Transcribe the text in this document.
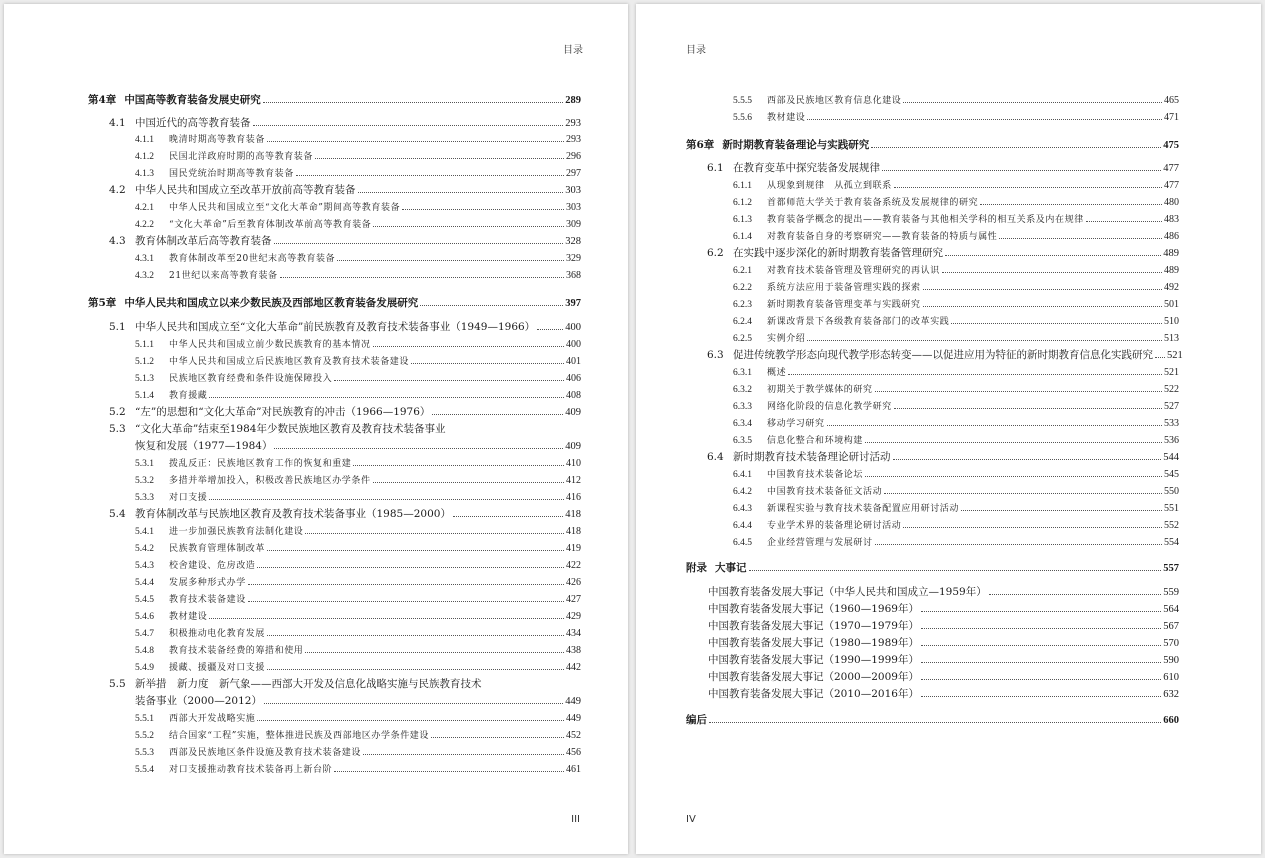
目录
第4章 中国高等教育装备发展史研究	289
4.1 中国近代的高等教育装备	293
4.1.1	晚清时期高等教育装备	293
4.1.2	民国北洋政府时期的高等教育装备	296
4.1.3	国民党统治时期高等教育装备	297
4.2 中华人民共和国成立至改革开放前高等教育装备	303
4.2.1	中华人民共和国成立至“文化大革命”期间高等教育装备	303
4.2.2	“文化大革命”后至教育体制改革前高等教育装备	309
4.3 教育体制改革后高等教育装备	328
4.3.1	教育体制改革至20世纪末高等教育装备	329
4.3.2	21世纪以来高等教育装备	368
第5章 中华人民共和国成立以来少数民族及西部地区教育装备发展研究	397
5.1 中华人民共和国成立至“文化大革命”前民族教育及教育技术装备事业（1949—1966）	400
5.1.1	中华人民共和国成立前少数民族教育的基本情况	400
5.1.2	中华人民共和国成立后民族地区教育及教育技术装备建设	401
5.1.3	民族地区教育经费和条件设施保障投入	406
5.1.4	教育援藏	408
5.2 “左”的思想和“文化大革命”对民族教育的冲击（1966—1976）	409
5.3 “文化大革命”结束至1984年少数民族地区教育及教育技术装备事业
恢复和发展（1977—1984）	409
5.3.1	拨乱反正：民族地区教育工作的恢复和重建	410
5.3.2	多措并举增加投入，积极改善民族地区办学条件	412
5.3.3	对口支援	416
5.4 教育体制改革与民族地区教育及教育技术装备事业（1985—2000）	418
5.4.1	进一步加强民族教育法制化建设	418
5.4.2	民族教育管理体制改革	419
5.4.3	校舍建设、危房改造	422
5.4.4	发展多种形式办学	426
5.4.5	教育技术装备建设	427
5.4.6	教材建设	429
5.4.7	积极推动电化教育发展	434
5.4.8	教育技术装备经费的筹措和使用	438
5.4.9	援藏、援疆及对口支援	442
5.5 新举措　新力度　新气象——西部大开发及信息化战略实施与民族教育技术
装备事业（2000—2012）	449
5.5.1	西部大开发战略实施	449
5.5.2	结合国家“工程”实施，整体推进民族及西部地区办学条件建设	452
5.5.3	西部及民族地区条件设施及教育技术装备建设	456
5.5.4	对口支援推动教育技术装备再上新台阶	461
III
目录
5.5.5	西部及民族地区教育信息化建设	465
5.5.6	教材建设	471
第6章 新时期教育装备理论与实践研究	475
6.1 在教育变革中探究装备发展规律	477
6.1.1	从现象到规律　从孤立到联系	477
6.1.2	首都师范大学关于教育装备系统及发展规律的研究	480
6.1.3	教育装备学概念的提出——教育装备与其他相关学科的相互关系及内在规律	483
6.1.4	对教育装备自身的考察研究——教育装备的特质与属性	486
6.2 在实践中逐步深化的新时期教育装备管理研究	489
6.2.1	对教育技术装备管理及管理研究的再认识	489
6.2.2	系统方法应用于装备管理实践的探索	492
6.2.3	新时期教育装备管理变革与实践研究	501
6.2.4	新课改背景下各级教育装备部门的改革实践	510
6.2.5	实例介绍	513
6.3 促进传统教学形态向现代教学形态转变——以促进应用为特征的新时期教育信息化实践研究 521
6.3.1	概述	521
6.3.2	初期关于教学媒体的研究	522
6.3.3	网络化阶段的信息化教学研究	527
6.3.4	移动学习研究	533
6.3.5	信息化整合和环境构建	536
6.4 新时期教育技术装备理论研讨活动	544
6.4.1	中国教育技术装备论坛	545
6.4.2	中国教育技术装备征文活动	550
6.4.3	新课程实验与教育技术装备配置应用研讨活动	551
6.4.4	专业学术界的装备理论研讨活动	552
6.4.5	企业经营管理与发展研讨	554
附录 大事记	557
中国教育装备发展大事记（中华人民共和国成立—1959年）	559
中国教育装备发展大事记（1960—1969年）	564
中国教育装备发展大事记（1970—1979年）	567
中国教育装备发展大事记（1980—1989年）	570
中国教育装备发展大事记（1990—1999年）	590
中国教育装备发展大事记（2000—2009年）	610
中国教育装备发展大事记（2010—2016年）	632
编后	660
IV
